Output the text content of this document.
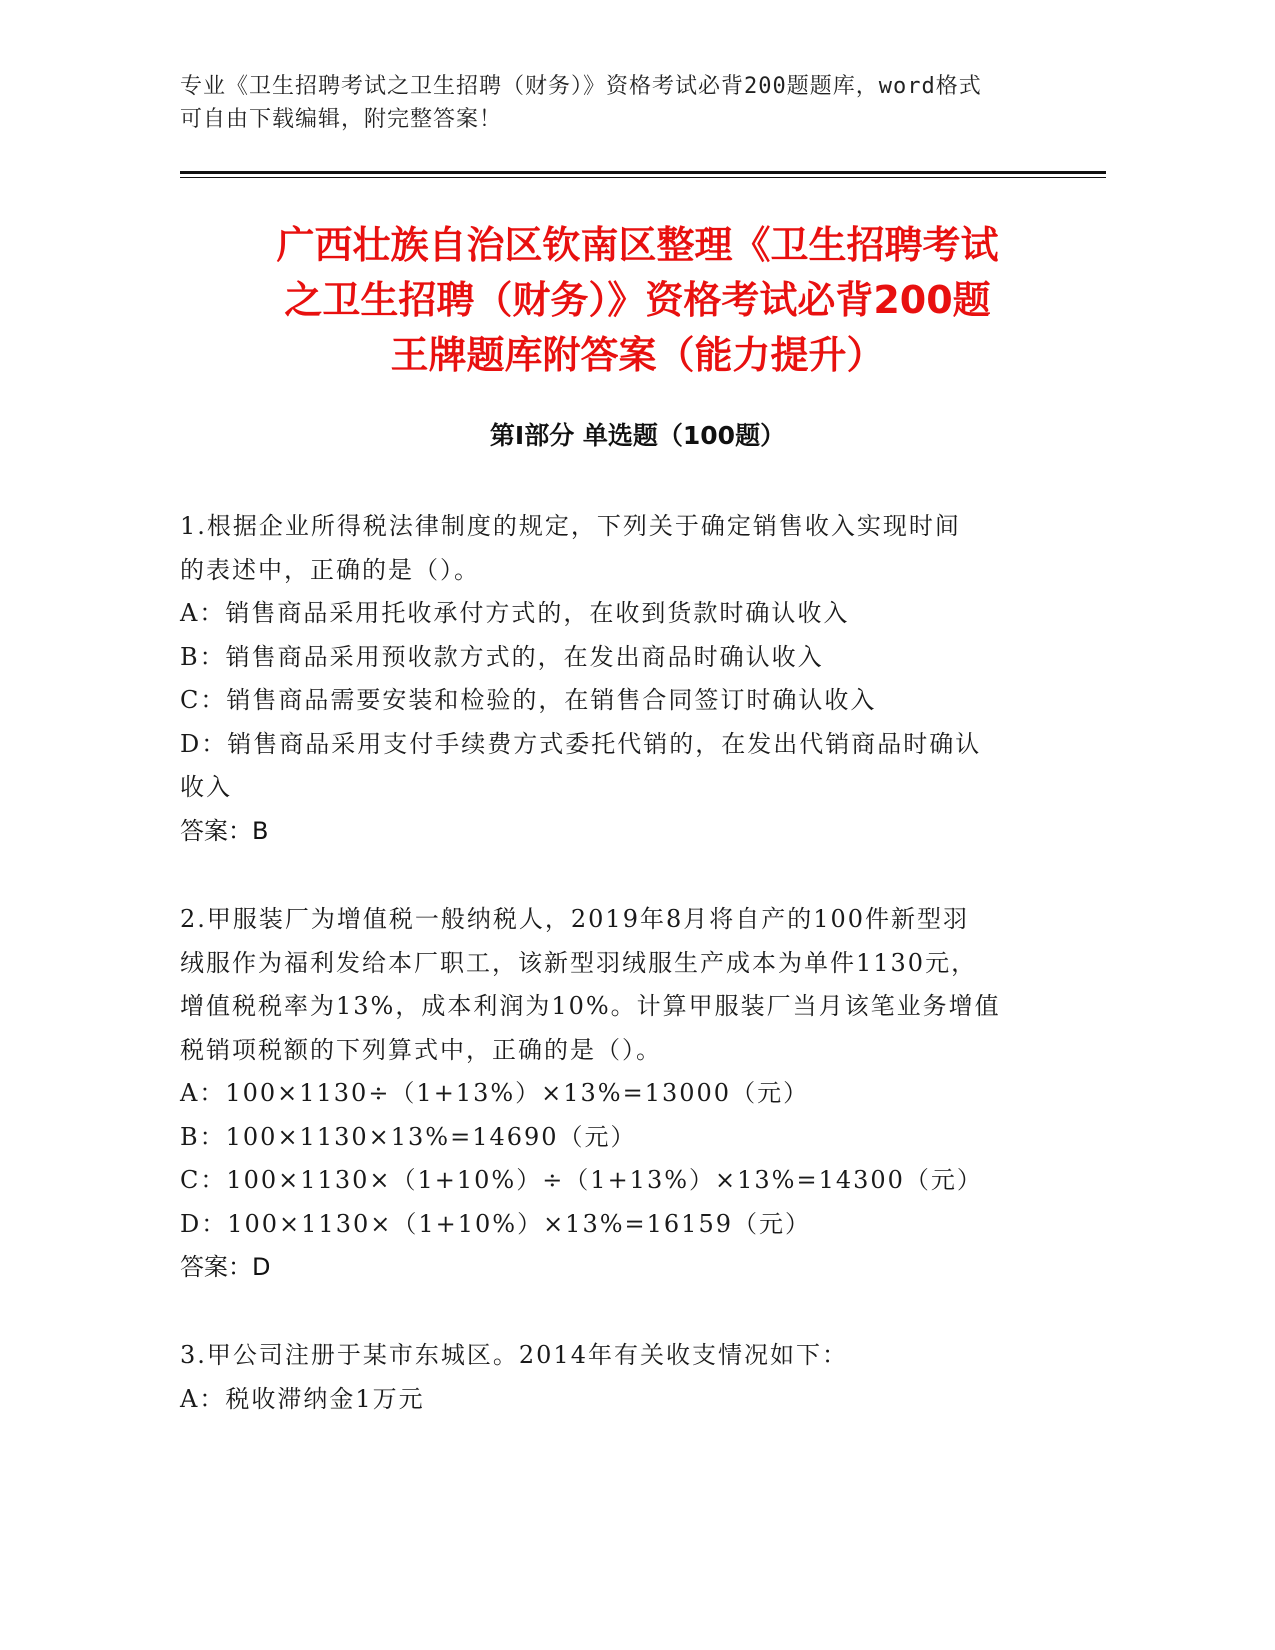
专业《卫生招聘考试之卫生招聘（财务）》资格考试必背200题题库，word格式
可自由下载编辑，附完整答案！
广西壮族自治区钦南区整理《卫生招聘考试
之卫生招聘（财务）》资格考试必背200题
王牌题库附答案（能力提升）
第Ⅰ部分 单选题（100题）

1.根据企业所得税法律制度的规定，下列关于确定销售收入实现时间

的表述中，正确的是（）。

A：销售商品采用托收承付方式的，在收到货款时确认收入

B：销售商品采用预收款方式的，在发出商品时确认收入

C：销售商品需要安装和检验的，在销售合同签订时确认收入

D：销售商品采用支付手续费方式委托代销的，在发出代销商品时确认

收入

答案：B

2.甲服装厂为增值税一般纳税人，2019年8月将自产的100件新型羽

绒服作为福利发给本厂职工，该新型羽绒服生产成本为单件1130元，

增值税税率为13%，成本利润为10%。计算甲服装厂当月该笔业务增值

税销项税额的下列算式中，正确的是（）。

A：100×1130÷（1+13%）×13%=13000（元）

B：100×1130×13%=14690（元）

C：100×1130×（1+10%）÷（1+13%）×13%=14300（元）

D：100×1130×（1+10%）×13%=16159（元）

答案：D

3.甲公司注册于某市东城区。2014年有关收支情况如下：

A：税收滞纳金1万元
